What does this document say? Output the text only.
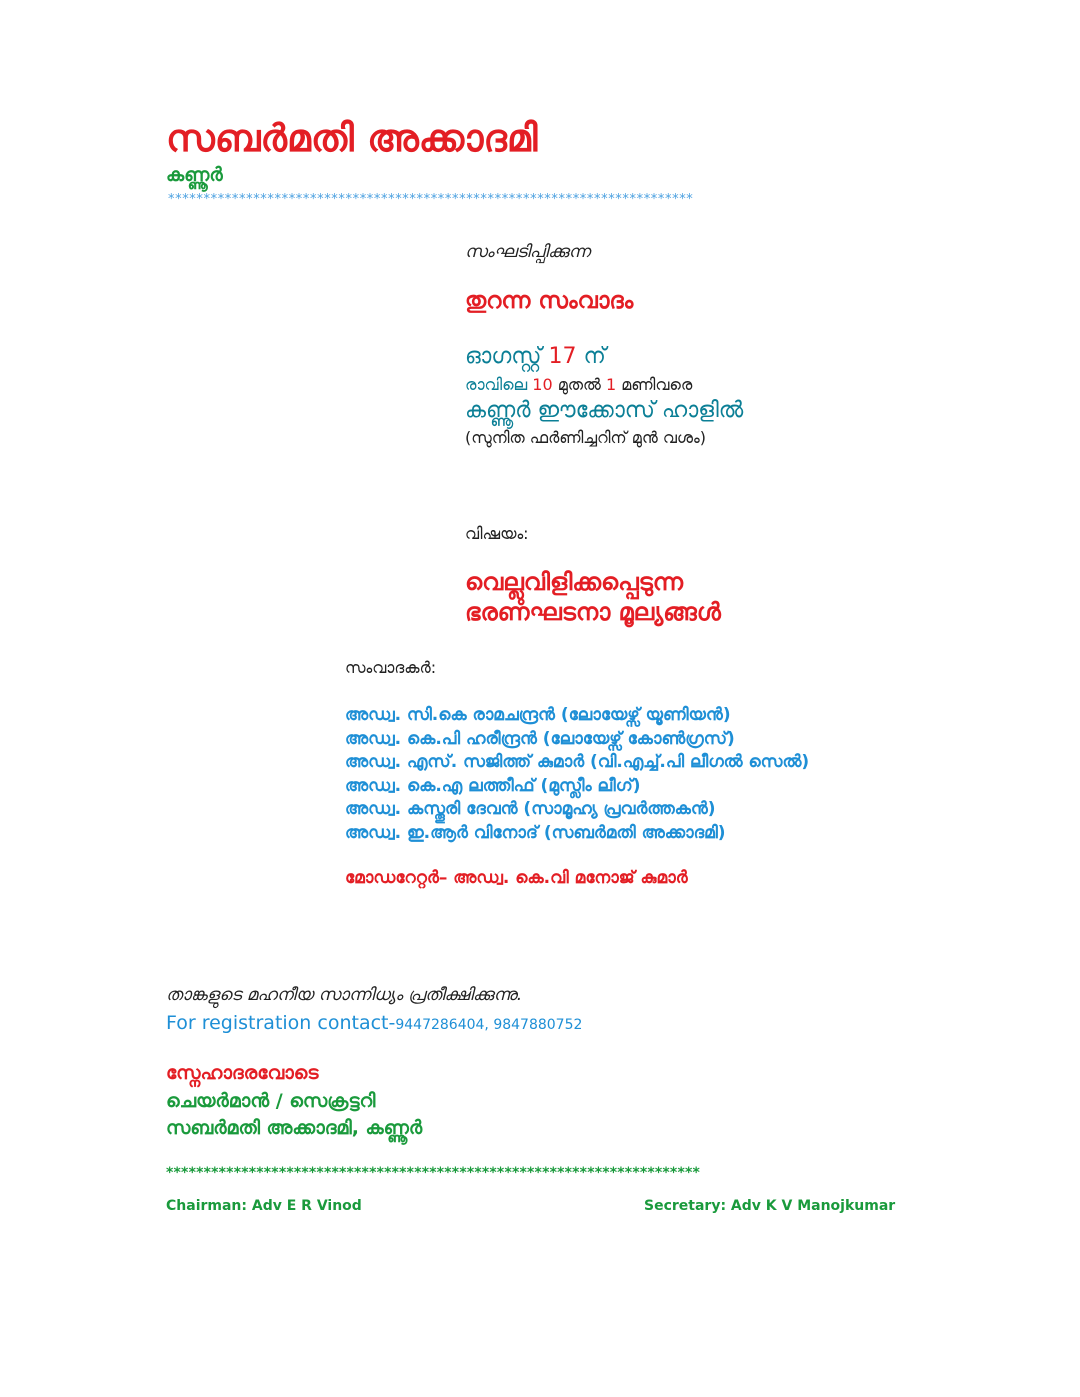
സബർമതി അക്കാദമി
കണ്ണൂർ
**************************************************************************
സംഘടിപ്പിക്കുന്ന
തുറന്ന സംവാദം
ഓഗസ്റ്റ് 17 ന്
രാവിലെ 10 മുതൽ 1 മണിവരെ
കണ്ണൂർ ഈക്കോസ് ഹാളിൽ
(സുനിത ഫർണിച്ചറിന് മുൻ വശം)
വിഷയം:
വെല്ലുവിളിക്കപ്പെടുന്ന
ഭരണഘടനാ മൂല്യങ്ങൾ
സംവാദകർ:
അഡ്വ. സി.കെ രാമചന്ദ്രൻ (ലോയേഴ്സ് യൂണിയൻ)
അഡ്വ. കെ.പി ഹരീന്ദ്രൻ (ലോയേഴ്സ് കോൺഗ്രസ്)
അഡ്വ. എസ്. സജിത്ത് കുമാർ (വി.എച്ച്.പി ലീഗൽ സെൽ)
അഡ്വ. കെ.എ ലത്തീഫ് (മുസ്ലീം ലീഗ്)
അഡ്വ. കസ്തൂരി ദേവൻ (സാമൂഹ്യ പ്രവർത്തകൻ)
അഡ്വ. ഇ.ആർ വിനോദ് (സബർമതി അക്കാദമി)
മോഡറേറ്റർ– അഡ്വ. കെ.വി മനോജ് കുമാർ
താങ്കളുടെ മഹനീയ സാന്നിധ്യം പ്രതീക്ഷിക്കുന്നു.
For registration contact-9447286404, 9847880752
സ്നേഹാദരവോടെ
ചെയർമാൻ / സെക്രട്ടറി
സബർമതി അക്കാദമി, കണ്ണൂർ
***********************************************************************
Chairman: Adv E R Vinod	Secretary: Adv K V Manojkumar
